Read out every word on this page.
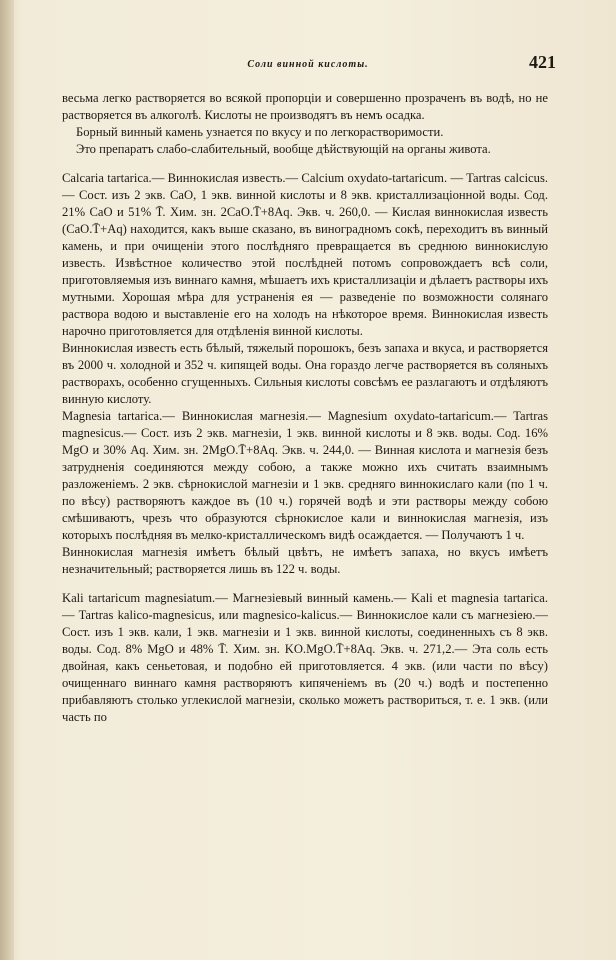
Соли винной кислоты.	421

весьма легко растворяется во всякой пропорціи и совершенно прозраченъ въ водѣ, но не растворяется въ алкоголѣ. Кислоты не производятъ въ немъ осадка.

Борный винный камень узнается по вкусу и по легкорастворимости.

Это препаратъ слабо-слабительный, вообще дѣйствующій на органы живота.

Calcaria tartarica.— Виннокислая известь.— Calcium oxydato-tartaricum. — Tartras calcicus. — Сост. изъ 2 экв. CaO, 1 экв. винной кислоты и 8 экв. кристаллизаціонной воды. Сод. 21% CaO и 51% T̄. Хим. зн. 2CaO.T̄+8Aq. Экв. ч. 260,0. — Кислая виннокислая известь (CaO.T̄+Aq) находится, какъ выше сказано, въ виноградномъ сокѣ, переходитъ въ винный камень, и при очищеніи этого послѣдняго превращается въ среднюю виннокислую известь. Извѣстное количество этой послѣдней потомъ сопровождаетъ всѣ соли, приготовляемыя изъ виннаго камня, мѣшаетъ ихъ кристаллизаціи и дѣлаетъ растворы ихъ мутными. Хорошая мѣра для устраненія ея — разведеніе по возможности солянаго раствора водою и выставленіе его на холодъ на нѣкоторое время. Виннокислая известь нарочно приготовляется для отдѣленія винной кислоты.

Виннокислая известь есть бѣлый, тяжелый порошокъ, безъ запаха и вкуса, и растворяется въ 2000 ч. холодной и 352 ч. кипящей воды. Она гораздо легче растворяется въ соляныхъ растворахъ, особенно сгущенныхъ. Сильныя кислоты совсѣмъ ее разлагаютъ и отдѣляютъ винную кислоту.

Magnesia tartarica.— Виннокислая магнезія.— Magnesium oxydato-tartaricum.— Tartras magnesicus.— Сост. изъ 2 экв. магнезіи, 1 экв. винной кислоты и 8 экв. воды. Сод. 16% MgO и 30% Aq. Хим. зн. 2MgO.T̄+8Aq. Экв. ч. 244,0. — Винная кислота и магнезія безъ затрудненія соединяются между собою, а также можно ихъ считать взаимнымъ разложеніемъ. 2 экв. сѣрнокислой магнезіи и 1 экв. средняго виннокислаго кали (по 1 ч. по вѣсу) растворяютъ каждое въ (10 ч.) горячей водѣ и эти растворы между собою смѣшиваютъ, чрезъ что образуются сѣрнокислое кали и виннокислая магнезія, изъ которыхъ послѣдняя въ мелко-кристаллическомъ видѣ осаждается. — Получаютъ 1 ч.

Виннокислая магнезія имѣетъ бѣлый цвѣтъ, не имѣетъ запаха, но вкусъ имѣетъ незначительный; растворяется лишь въ 122 ч. воды.

Kali tartaricum magnesiatum.— Магнезіевый винный камень.— Kali et magnesia tartarica. — Tartras kalico-magnesicus, или magnesico-kalicus.— Виннокислое кали съ магнезіею.— Сост. изъ 1 экв. кали, 1 экв. магнезіи и 1 экв. винной кислоты, соединенныхъ съ 8 экв. воды. Сод. 8% MgO и 48% T̄. Хим. зн. KO.MgO.T̄+8Aq. Экв. ч. 271,2.— Эта соль есть двойная, какъ сеньетовая, и подобно ей приготовляется. 4 экв. (или части по вѣсу) очищеннаго виннаго камня растворяютъ кипяченіемъ въ (20 ч.) водѣ и постепенно прибавляютъ столько углекислой магнезіи, сколько можетъ раствориться, т. е. 1 экв. (или часть по
